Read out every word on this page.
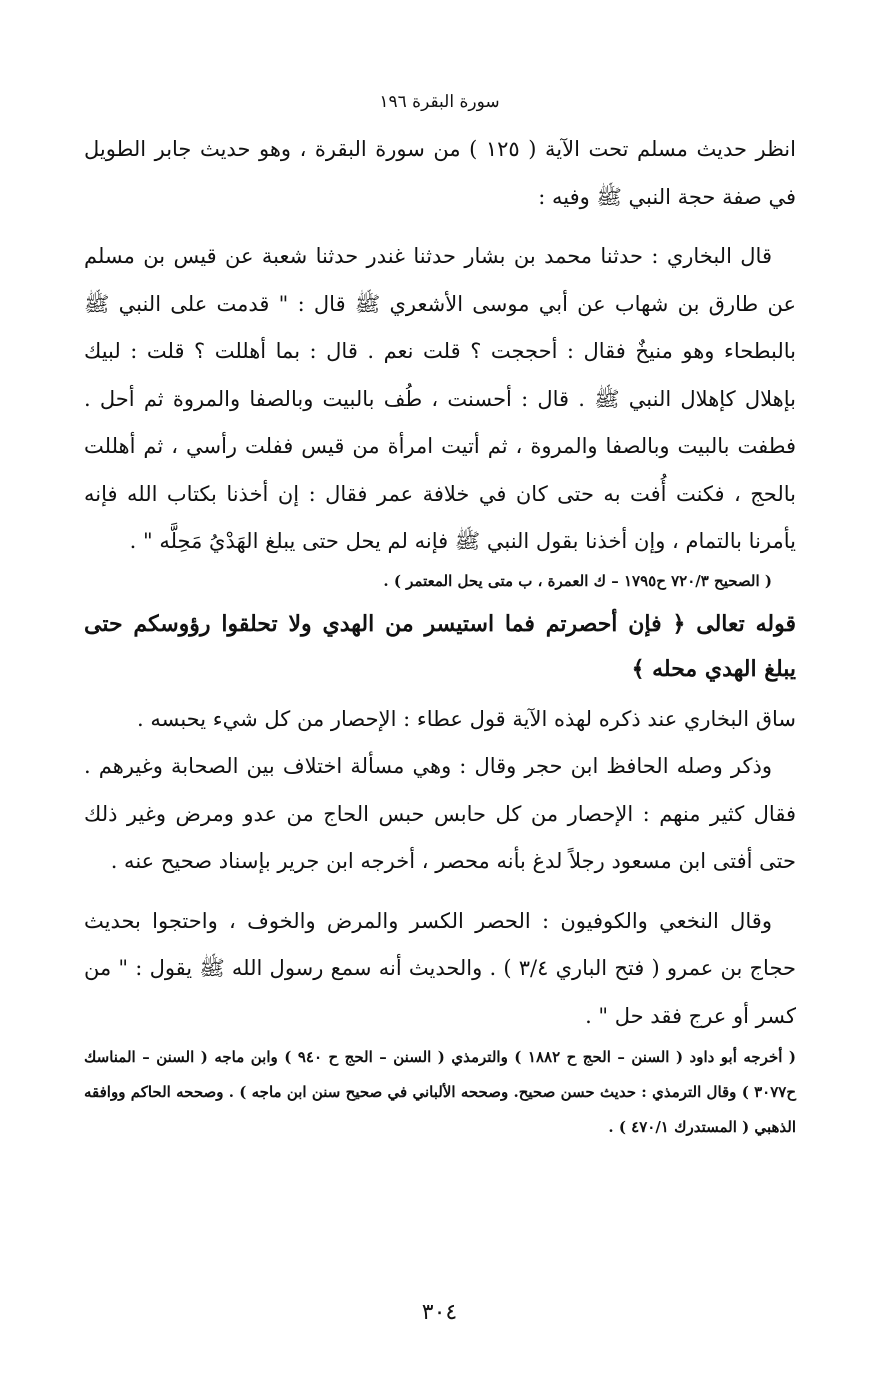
سورة البقرة ١٩٦

انظر حديث مسلم تحت الآية ( ١٢٥ ) من سورة البقرة ، وهو حديث جابر الطويل في صفة حجة النبي ﷺ وفيه :

قال البخاري : حدثنا محمد بن بشار حدثنا غندر حدثنا شعبة عن قيس بن مسلم عن طارق بن شهاب عن أبي موسى الأشعري ﷺ قال : " قدمت على النبي ﷺ بالبطحاء وهو منيخٌ فقال : أحججت ؟ قلت نعم . قال : بما أهللت ؟ قلت : لبيك بإهلال كإهلال النبي ﷺ . قال : أحسنت ، طُف بالبيت وبالصفا والمروة ثم أحل . فطفت بالبيت وبالصفا والمروة ، ثم أتيت امرأة من قيس ففلت رأسي ، ثم أهللت بالحج ، فكنت أُفت به حتى كان في خلافة عمر فقال : إن أخذنا بكتاب الله فإنه يأمرنا بالتمام ، وإن أخذنا بقول النبي ﷺ فإنه لم يحل حتى يبلغ الهَدْيُ مَحِلَّه " .

( الصحيح ٧٢٠/٣ ح١٧٩٥ – ك العمرة ، ب متى يحل المعتمر ) .

قوله تعالى ﴿ فإن أحصرتم فما استيسر من الهدي ولا تحلقوا رؤوسكم حتى يبلغ الهدي محله ﴾

ساق البخاري عند ذكره لهذه الآية قول عطاء : الإحصار من كل شيء يحبسه .

وذكر وصله الحافظ ابن حجر وقال : وهي مسألة اختلاف بين الصحابة وغيرهم . فقال كثير منهم : الإحصار من كل حابس حبس الحاج من عدو ومرض وغير ذلك حتى أفتى ابن مسعود رجلاً لدغ بأنه محصر ، أخرجه ابن جرير بإسناد صحيح عنه .

وقال النخعي والكوفيون : الحصر الكسر والمرض والخوف ، واحتجوا بحديث حجاج بن عمرو ( فتح الباري ٣/٤ ) . والحديث أنه سمع رسول الله ﷺ يقول : " من كسر أو عرج فقد حل " .

( أخرجه أبو داود ( السنن – الحج ح ١٨٨٢ ) والترمذي ( السنن – الحج ح ٩٤٠ ) وابن ماجه ( السنن – المناسك ح٣٠٧٧ ) وقال الترمذي : حديث حسن صحيح. وصححه الألباني في صحيح سنن ابن ماجه ) . وصححه الحاكم ووافقه الذهبي ( المستدرك ٤٧٠/١ ) .

٣٠٤
